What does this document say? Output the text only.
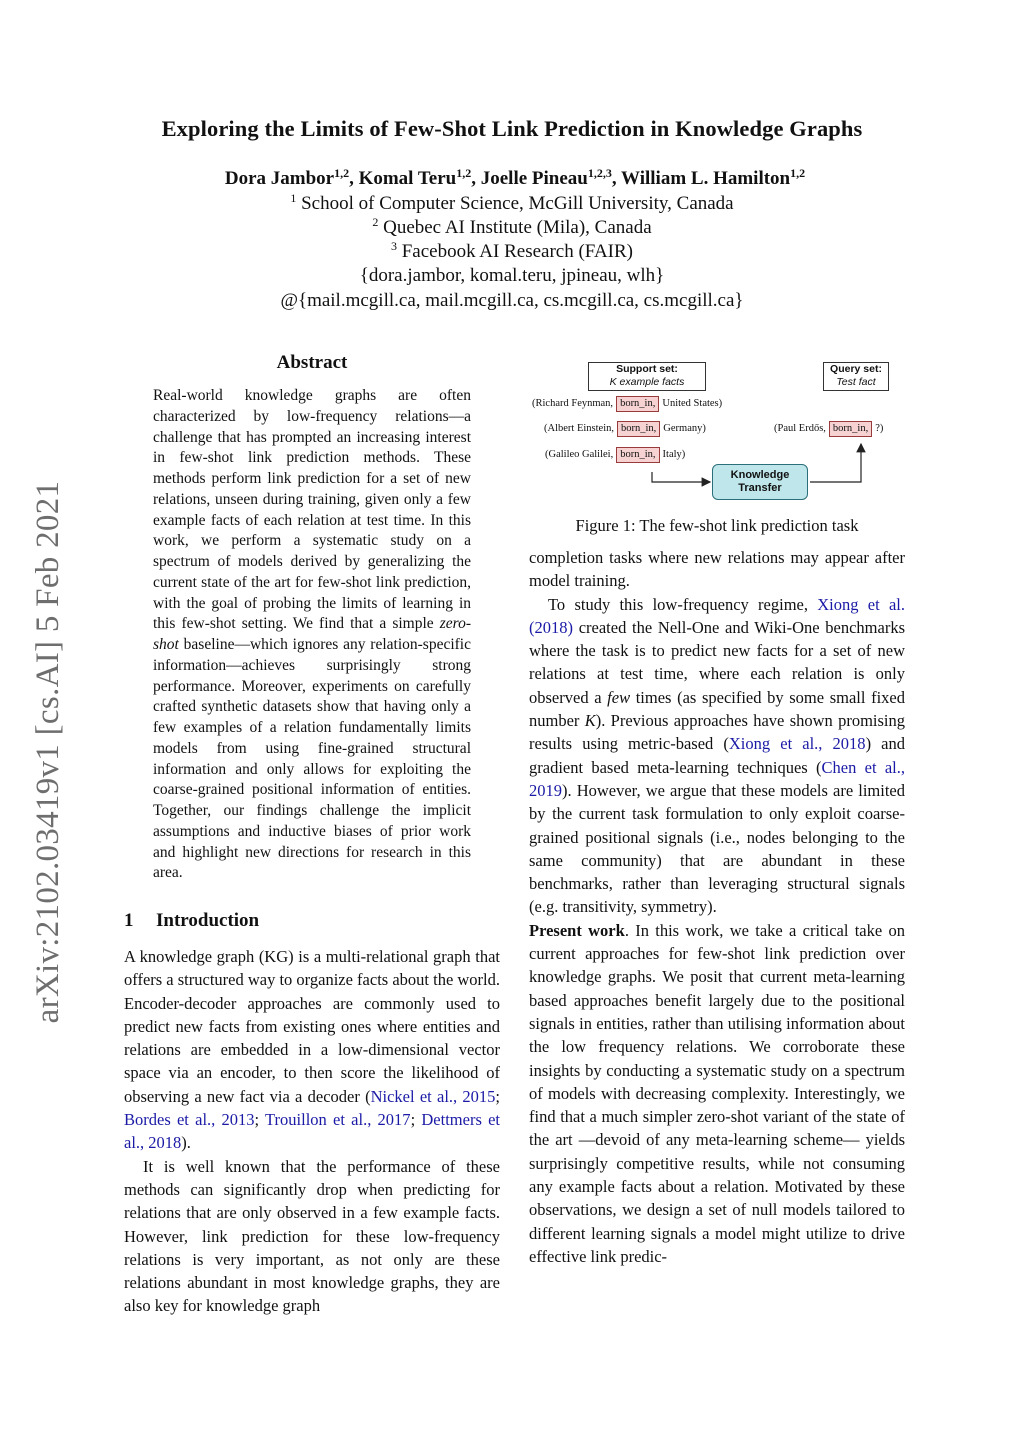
arXiv:2102.03419v1 [cs.AI] 5 Feb 2021
Exploring the Limits of Few-Shot Link Prediction in Knowledge Graphs
Dora Jambor$^{1,2}$, Komal Teru$^{1,2}$, Joelle Pineau$^{1,2,3}$, William L. Hamilton$^{1,2}$
$^1$ School of Computer Science, McGill University, Canada
$^2$ Quebec AI Institute (Mila), Canada
$^3$ Facebook AI Research (FAIR)
{dora.jambor, komal.teru, jpineau, wlh}
@{mail.mcgill.ca, mail.mcgill.ca, cs.mcgill.ca, cs.mcgill.ca}
Abstract
Real-world knowledge graphs are often characterized by low-frequency relations—a challenge that has prompted an increasing interest in few-shot link prediction methods. These methods perform link prediction for a set of new relations, unseen during training, given only a few example facts of each relation at test time. In this work, we perform a systematic study on a spectrum of models derived by generalizing the current state of the art for few-shot link prediction, with the goal of probing the limits of learning in this few-shot setting. We find that a simple zero-shot baseline—which ignores any relation-specific information—achieves surprisingly strong performance. Moreover, experiments on carefully crafted synthetic datasets show that having only a few examples of a relation fundamentally limits models from using fine-grained structural information and only allows for exploiting the coarse-grained positional information of entities. Together, our findings challenge the implicit assumptions and inductive biases of prior work and highlight new directions for research in this area.
1 Introduction

A knowledge graph (KG) is a multi-relational graph that offers a structured way to organize facts about the world. Encoder-decoder approaches are commonly used to predict new facts from existing ones where entities and relations are embedded in a low-dimensional vector space via an encoder, to then score the likelihood of observing a new fact via a decoder (Nickel et al., 2015; Bordes et al., 2013; Trouillon et al., 2017; Dettmers et al., 2018).

It is well known that the performance of these methods can significantly drop when predicting for relations that are only observed in a few example facts. However, link prediction for these low-frequency relations is very important, as not only are these relations abundant in most knowledge graphs, they are also key for knowledge graph

Support set:
K example facts
Query set:
Test fact
(Richard Feynman, born_in, United States)
(Albert Einstein, born_in, Germany)
(Galileo Galilei, born_in, Italy)
(Paul Erdős, born_in, ?)
Knowledge
Transfer
Figure 1: The few-shot link prediction task

completion tasks where new relations may appear after model training.

To study this low-frequency regime, Xiong et al. (2018) created the Nell-One and Wiki-One benchmarks where the task is to predict new facts for a set of new relations at test time, where each relation is only observed a few times (as specified by some small fixed number K). Previous approaches have shown promising results using metric-based (Xiong et al., 2018) and gradient based meta-learning techniques (Chen et al., 2019). However, we argue that these models are limited by the current task formulation to only exploit coarse-grained positional signals (i.e., nodes belonging to the same community) that are abundant in these benchmarks, rather than leveraging structural signals (e.g. transitivity, symmetry).

Present work. In this work, we take a critical take on current approaches for few-shot link prediction over knowledge graphs. We posit that current meta-learning based approaches benefit largely due to the positional signals in entities, rather than utilising information about the low frequency relations. We corroborate these insights by conducting a systematic study on a spectrum of models with decreasing complexity. Interestingly, we find that a much simpler zero-shot variant of the state of the art —devoid of any meta-learning scheme— yields surprisingly competitive results, while not consuming any example facts about a relation. Motivated by these observations, we design a set of null models tailored to different learning signals a model might utilize to drive effective link predic-
